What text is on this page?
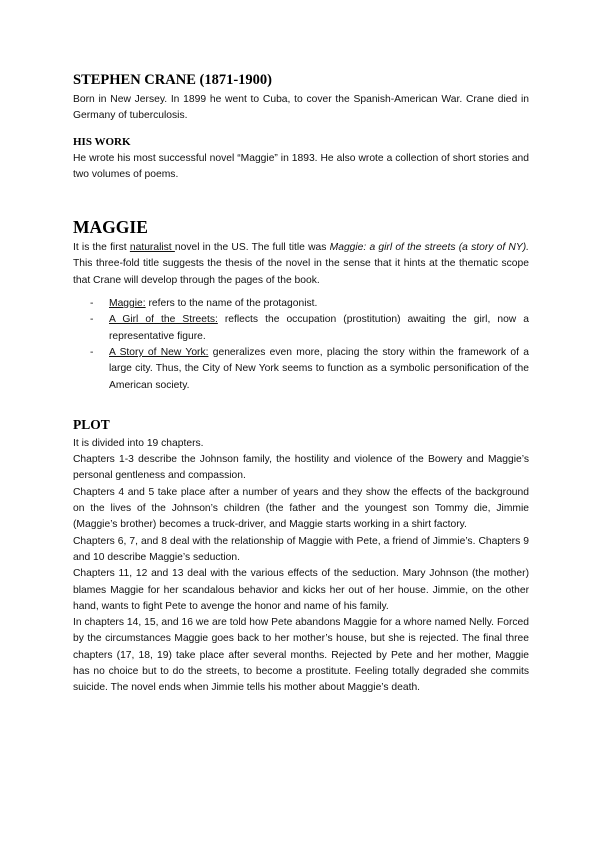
STEPHEN CRANE (1871-1900)

Born in New Jersey. In 1899 he went to Cuba, to cover the Spanish-American War. Crane died in Germany of tuberculosis.

HIS WORK

He wrote his most successful novel “Maggie” in 1893. He also wrote a collection of short stories and two volumes of poems.

MAGGIE

It is the first naturalist novel in the US. The full title was Maggie: a girl of the streets (a story of NY). This three-fold title suggests the thesis of the novel in the sense that it hints at the thematic scope that Crane will develop through the pages of the book.

- Maggie: refers to the name of the protagonist.
- A Girl of the Streets: reflects the occupation (prostitution) awaiting the girl, now a representative figure.
- A Story of New York: generalizes even more, placing the story within the framework of a large city. Thus, the City of New York seems to function as a symbolic personification of the American society.
PLOT

It is divided into 19 chapters.

Chapters 1-3 describe the Johnson family, the hostility and violence of the Bowery and Maggie’s personal gentleness and compassion.

Chapters 4 and 5 take place after a number of years and they show the effects of the background on the lives of the Johnson’s children (the father and the youngest son Tommy die, Jimmie (Maggie’s brother) becomes a truck-driver, and Maggie starts working in a shirt factory.

Chapters 6, 7, and 8 deal with the relationship of Maggie with Pete, a friend of Jimmie’s. Chapters 9 and 10 describe Maggie’s seduction.

Chapters 11, 12 and 13 deal with the various effects of the seduction. Mary Johnson (the mother) blames Maggie for her scandalous behavior and kicks her out of her house. Jimmie, on the other hand, wants to fight Pete to avenge the honor and name of his family.

In chapters 14, 15, and 16 we are told how Pete abandons Maggie for a whore named Nelly. Forced by the circumstances Maggie goes back to her mother’s house, but she is rejected. The final three chapters (17, 18, 19) take place after several months. Rejected by Pete and her mother, Maggie has no choice but to do the streets, to become a prostitute. Feeling totally degraded she commits suicide. The novel ends when Jimmie tells his mother about Maggie’s death.
